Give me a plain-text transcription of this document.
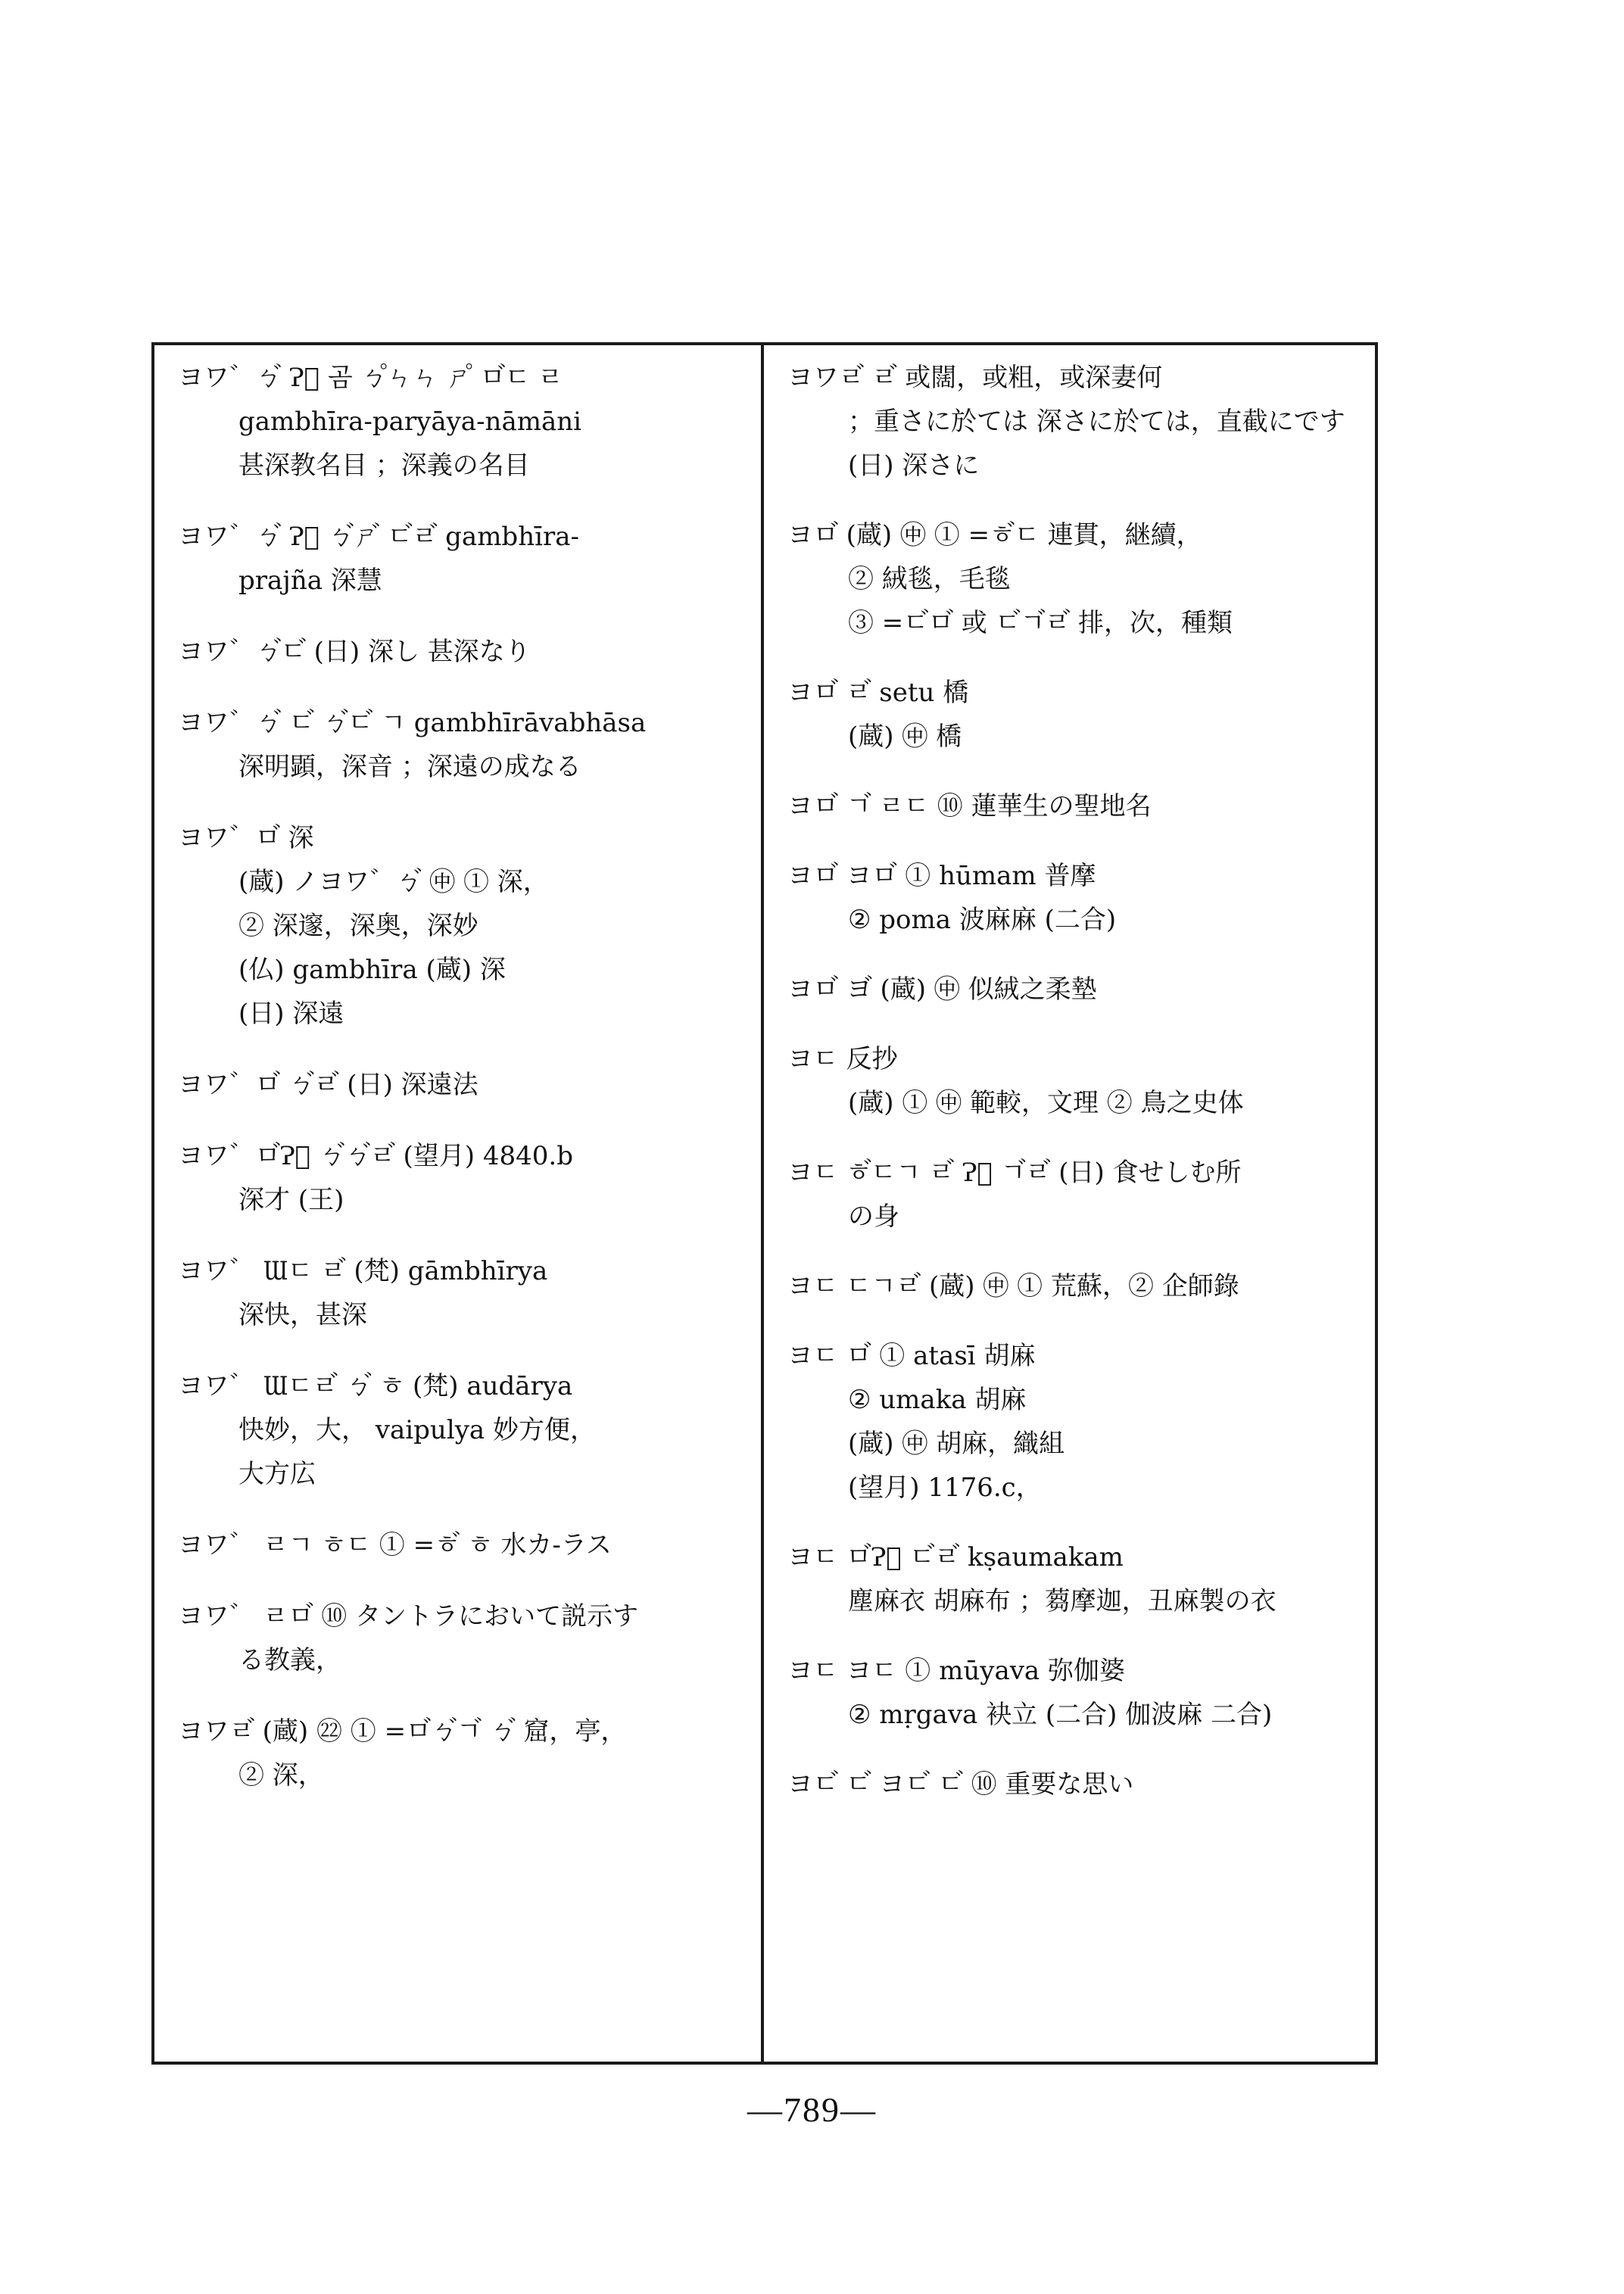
ヨワ゛ㄅ゙ Ɂ゙ 곰 ㄅ゚ㄣㄣ ㄕ゚ ㅁ゙ㄷ ㄹ
gambhīra-paryāya-nāmāni
甚深教名目 ；深義の名目
ヨワ゛ㄅ゙ Ɂ゙ ㄅ゙ㄕ゙ ㄷ゙ㄹ゙ gambhīra-
prajña 深慧
ヨワ゛ㄅ゙ㄷ゙ (日) 深し 甚深なり
ヨワ゛ㄅ゙ ㄷ゙ ㄅ゙ㄷ゙ ㄱ gambhīrāvabhāsa
深明顕，深音 ；深遠の成なる
ヨワ゛ㅁ゙ 深
(蔵) ノヨワ゛ㄅ゙ ㊥ ① 深，
② 深邃，深奥，深妙
(仏) gambhīra (蔵) 深
(日) 深遠
ヨワ゛ㅁ゙ ㄅ゙ㄹ゙ (日) 深遠法
ヨワ゛ㅁ゙Ɂ゙ ㄅ゙ㄅ゙ㄹ゙ (望月) 4840.b
深才 (王)
ヨワ゛ Ɯㄷ ㄹ゙ (梵) gāmbhīrya
深快，甚深
ヨワ゛ Ɯㄷㄹ゙ ㄅ゙ ㅎ (梵) audārya
快妙，大， vaipulya 妙方便，
大方広
ヨワ゛ ㄹㄱ ㅎㄷ ① =ㅎ゙ ㅎ 水カ-ラス
ヨワ゛ ㄹㅁ゙ ⑩ タントラにおいて説示す
る教義，
ヨワㄹ゙ (蔵) ㉒ ① =ㅁ゙ㄅ゙ㄱ゙ ㄅ゙ 窟，亭，
② 深，
ヨワㄹ゙ ㄹ゙ 或闊，或粗，或深妻何
；重さに於ては 深さに於ては，直截にです
(日) 深さに
ヨㅁ゙ (蔵) ㊥ ① =ㅎ゙ㄷ 連貫，継續，
② 絨毯，毛毯
③ =ㄷ゙ㅁ゙ 或 ㄷ゙ㄱ゙ㄹ゙ 排，次，種類
ヨㅁ゙ ㄹ゙ setu 橋
(蔵) ㊥ 橋
ヨㅁ゙ ㄱ゙ ㄹㄷ ⑩ 蓮華生の聖地名
ヨㅁ゙ ヨㅁ゙ ① hūmam 普摩
② poma 波麻麻 (二合)
ヨㅁ゙ ヨ゙ (蔵) ㊥ 似絨之柔墊
ヨㄷ 反抄
(蔵) ① ㊥ 範較，文理 ② 鳥之史体
ヨㄷ ㅎ゙ㄷㄱ ㄹ゙ Ɂ゙ ㄱ゙ㄹ゙ (日) 食せしむ所
の身
ヨㄷ ㄷㄱㄹ゙ (蔵) ㊥ ① 荒蘇，② 企師錄
ヨㄷ ㅁ゙ ① atasī 胡麻
② umaka 胡麻
(蔵) ㊥ 胡麻，織組
(望月) 1176.c，
ヨㄷ ㅁ゙Ɂ゙ ㄷ゙ㄹ゙ kṣaumakam
塵麻衣 胡麻布 ；蒭摩迦，丑麻製の衣
ヨㄷ ヨㄷ ① mūyava 弥伽婆
② mṛgava 袂立 (二合) 伽波麻 二合)
ヨㄷ゙ ㄷ゙ ヨㄷ゙ ㄷ゙ ⑩ 重要な思い
—789—
